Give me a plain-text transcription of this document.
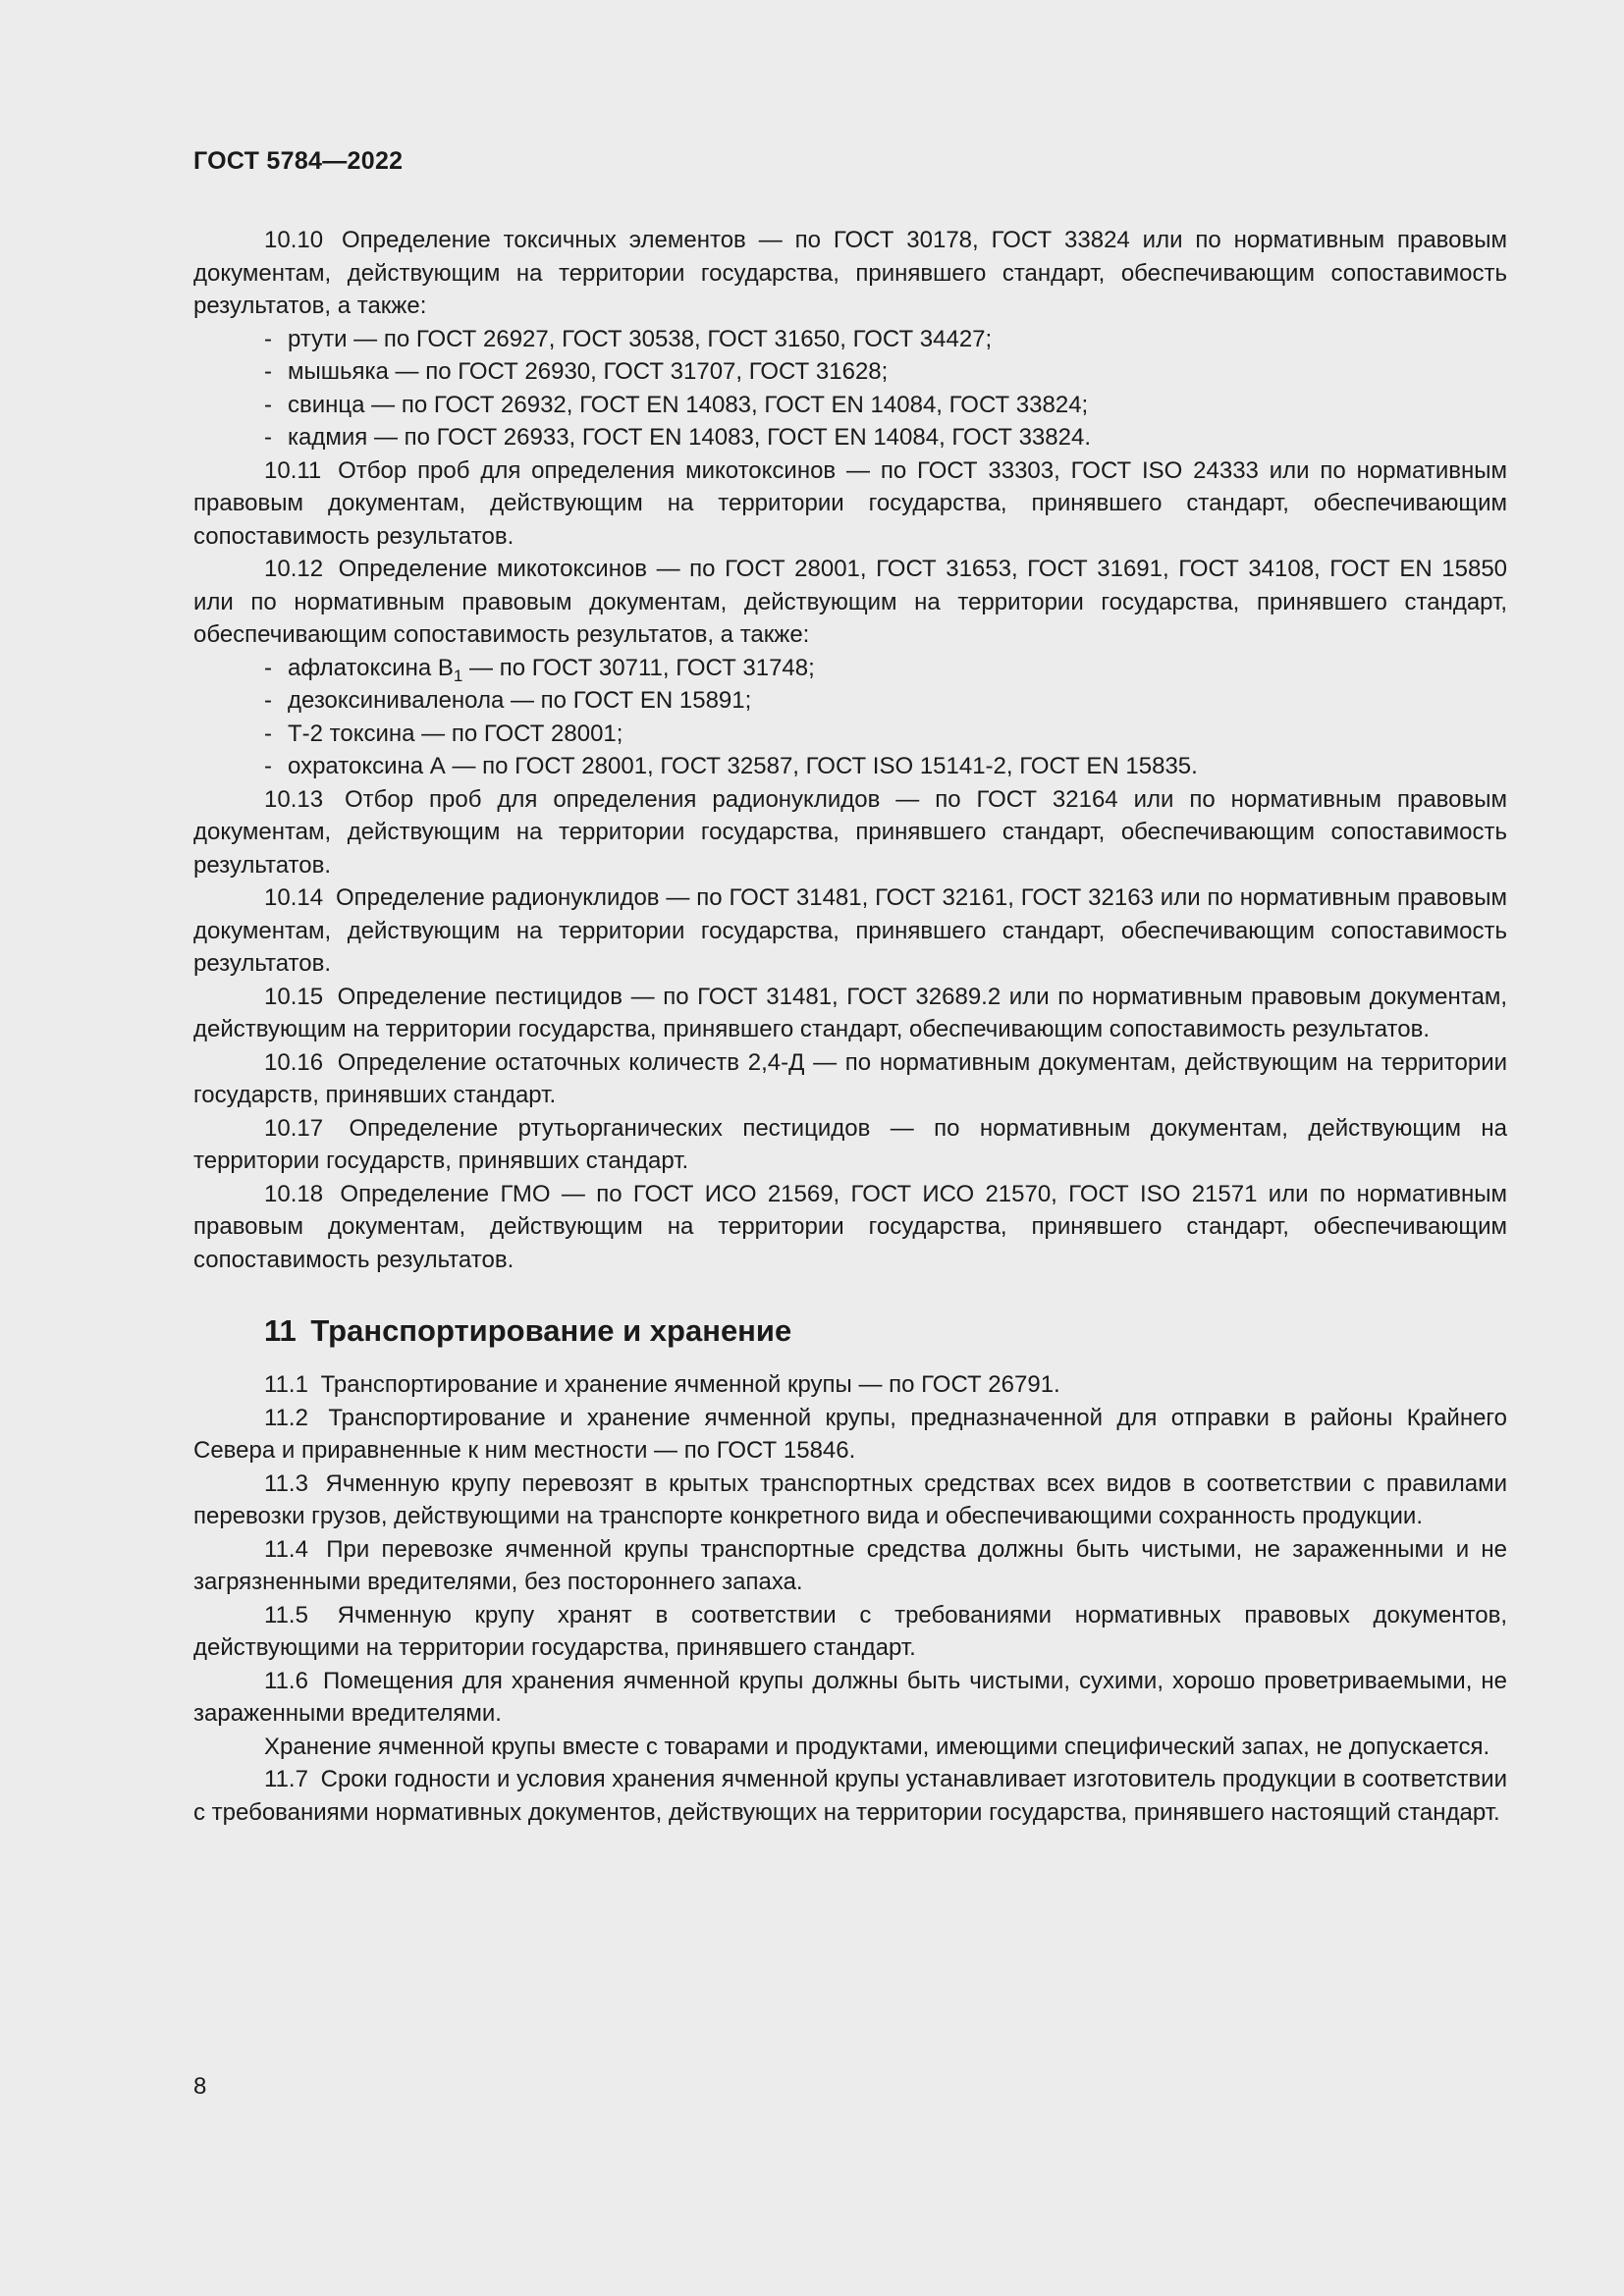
ГОСТ 5784—2022

10.10 Определение токсичных элементов — по ГОСТ 30178, ГОСТ 33824 или по нормативным правовым документам, действующим на территории государства, принявшего стандарт, обеспечивающим сопоставимость результатов, а также:

- ртути — по ГОСТ 26927, ГОСТ 30538, ГОСТ 31650, ГОСТ 34427;

- мышьяка — по ГОСТ 26930, ГОСТ 31707, ГОСТ 31628;

- свинца — по ГОСТ 26932, ГОСТ EN 14083, ГОСТ EN 14084, ГОСТ 33824;

- кадмия — по ГОСТ 26933, ГОСТ EN 14083, ГОСТ EN 14084, ГОСТ 33824.

10.11 Отбор проб для определения микотоксинов — по ГОСТ 33303, ГОСТ ISO 24333 или по нормативным правовым документам, действующим на территории государства, принявшего стандарт, обеспечивающим сопоставимость результатов.

10.12 Определение микотоксинов — по ГОСТ 28001, ГОСТ 31653, ГОСТ 31691, ГОСТ 34108, ГОСТ EN 15850 или по нормативным правовым документам, действующим на территории государства, принявшего стандарт, обеспечивающим сопоставимость результатов, а также:

- афлатоксина $В_1$ — по ГОСТ 30711, ГОСТ 31748;

- дезоксиниваленола — по ГОСТ EN 15891;

- Т-2 токсина — по ГОСТ 28001;

- охратоксина А — по ГОСТ 28001, ГОСТ 32587, ГОСТ ISO 15141-2, ГОСТ EN 15835.

10.13 Отбор проб для определения радионуклидов — по ГОСТ 32164 или по нормативным правовым документам, действующим на территории государства, принявшего стандарт, обеспечивающим сопоставимость результатов.

10.14 Определение радионуклидов — по ГОСТ 31481, ГОСТ 32161, ГОСТ 32163 или по нормативным правовым документам, действующим на территории государства, принявшего стандарт, обеспечивающим сопоставимость результатов.

10.15 Определение пестицидов — по ГОСТ 31481, ГОСТ 32689.2 или по нормативным правовым документам, действующим на территории государства, принявшего стандарт, обеспечивающим сопоставимость результатов.

10.16 Определение остаточных количеств 2,4-Д — по нормативным документам, действующим на территории государств, принявших стандарт.

10.17 Определение ртутьорганических пестицидов — по нормативным документам, действующим на территории государств, принявших стандарт.

10.18 Определение ГМО — по ГОСТ ИСО 21569, ГОСТ ИСО 21570, ГОСТ ISO 21571 или по нормативным правовым документам, действующим на территории государства, принявшего стандарт, обеспечивающим сопоставимость результатов.

11 Транспортирование и хранение

11.1 Транспортирование и хранение ячменной крупы — по ГОСТ 26791.

11.2 Транспортирование и хранение ячменной крупы, предназначенной для отправки в районы Крайнего Севера и приравненные к ним местности — по ГОСТ 15846.

11.3 Ячменную крупу перевозят в крытых транспортных средствах всех видов в соответствии с правилами перевозки грузов, действующими на транспорте конкретного вида и обеспечивающими сохранность продукции.

11.4 При перевозке ячменной крупы транспортные средства должны быть чистыми, не зараженными и не загрязненными вредителями, без постороннего запаха.

11.5 Ячменную крупу хранят в соответствии с требованиями нормативных правовых документов, действующими на территории государства, принявшего стандарт.

11.6 Помещения для хранения ячменной крупы должны быть чистыми, сухими, хорошо проветриваемыми, не зараженными вредителями.

Хранение ячменной крупы вместе с товарами и продуктами, имеющими специфический запах, не допускается.

11.7 Сроки годности и условия хранения ячменной крупы устанавливает изготовитель продукции в соответствии с требованиями нормативных документов, действующих на территории государства, принявшего настоящий стандарт.

8
